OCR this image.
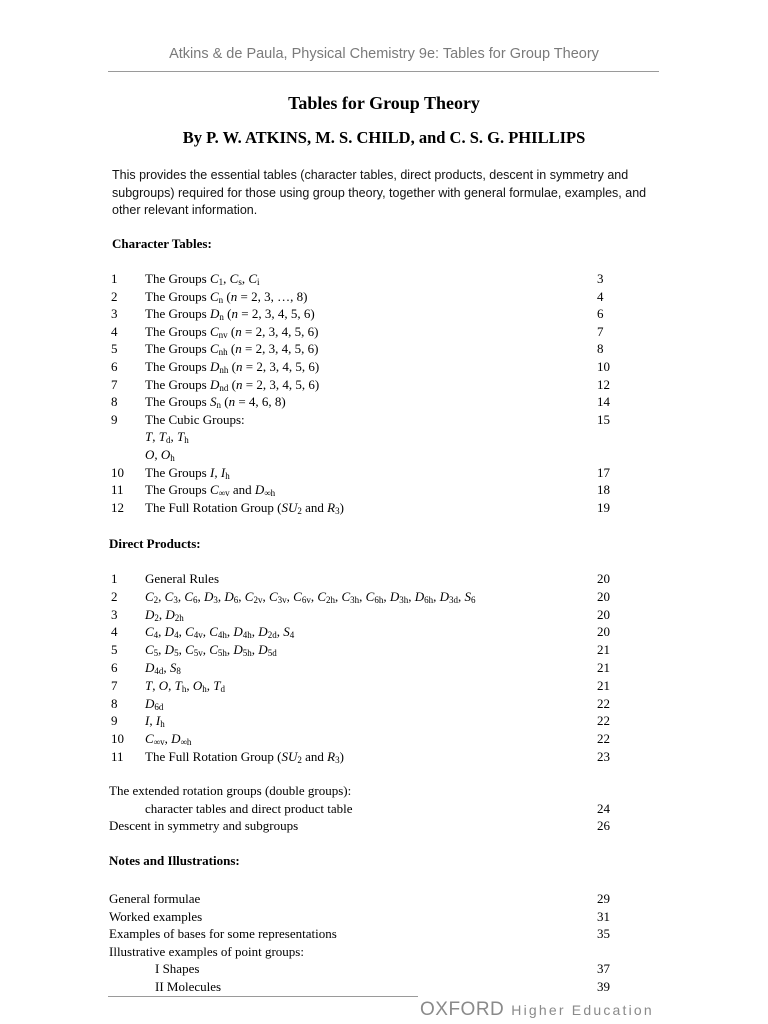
Atkins & de Paula, Physical Chemistry 9e: Tables for Group Theory
Tables for Group Theory
By P. W. ATKINS, M. S. CHILD, and C. S. G. PHILLIPS
This provides the essential tables (character tables, direct products, descent in symmetry and subgroups) required for those using group theory, together with general formulae, examples, and other relevant information.
Character Tables:
1 The Groups $C_1$, $C_s$, $C_i$	3
2 The Groups $C_n$ (n = 2, 3, …, 8)	4
3 The Groups $D_n$ (n = 2, 3, 4, 5, 6)	6
4 The Groups $C_{nv}$ (n = 2, 3, 4, 5, 6)	7
5 The Groups $C_{nh}$ (n = 2, 3, 4, 5, 6)	8
6 The Groups $D_{nh}$ (n = 2, 3, 4, 5, 6)	10
7 The Groups $D_{nd}$ (n = 2, 3, 4, 5, 6)	12
8 The Groups $S_n$ (n = 4, 6, 8)	14
9 The Cubic Groups:	15
T, $T_d$, $T_h$
O, $O_h$
10 The Groups I, $I_h$	17
11 The Groups $C_{\infty v}$ and $D_{\infty h}$	18
12 The Full Rotation Group ($SU_2$ and $R_3$)	19
Direct Products:
1 General Rules	20
2 $C_2$, $C_3$, $C_6$, $D_3$, $D_6$, $C_{2v}$, $C_{3v}$, $C_{6v}$, $C_{2h}$, $C_{3h}$, $C_{6h}$, $D_{3h}$, $D_{6h}$, $D_{3d}$, $S_6$	20
3 $D_2$, $D_{2h}$	20
4 $C_4$, $D_4$, $C_{4v}$, $C_{4h}$, $D_{4h}$, $D_{2d}$, $S_4$	20
5 $C_5$, $D_5$, $C_{5v}$, $C_{5h}$, $D_{5h}$, $D_{5d}$	21
6 $D_{4d}$, $S_8$	21
7 T, O, $T_h$, $O_h$, $T_d$	21
8 $D_{6d}$	22
9 I, $I_h$	22
10 $C_{\infty v}$, $D_{\infty h}$	22
11 The Full Rotation Group ($SU_2$ and $R_3$)	23
The extended rotation groups (double groups):
character tables and direct product table	24
Descent in symmetry and subgroups	26
Notes and Illustrations:
General formulae	29
Worked examples	31
Examples of bases for some representations	35
Illustrative examples of point groups:
I Shapes	37
II Molecules	39
OXFORD Higher Education
